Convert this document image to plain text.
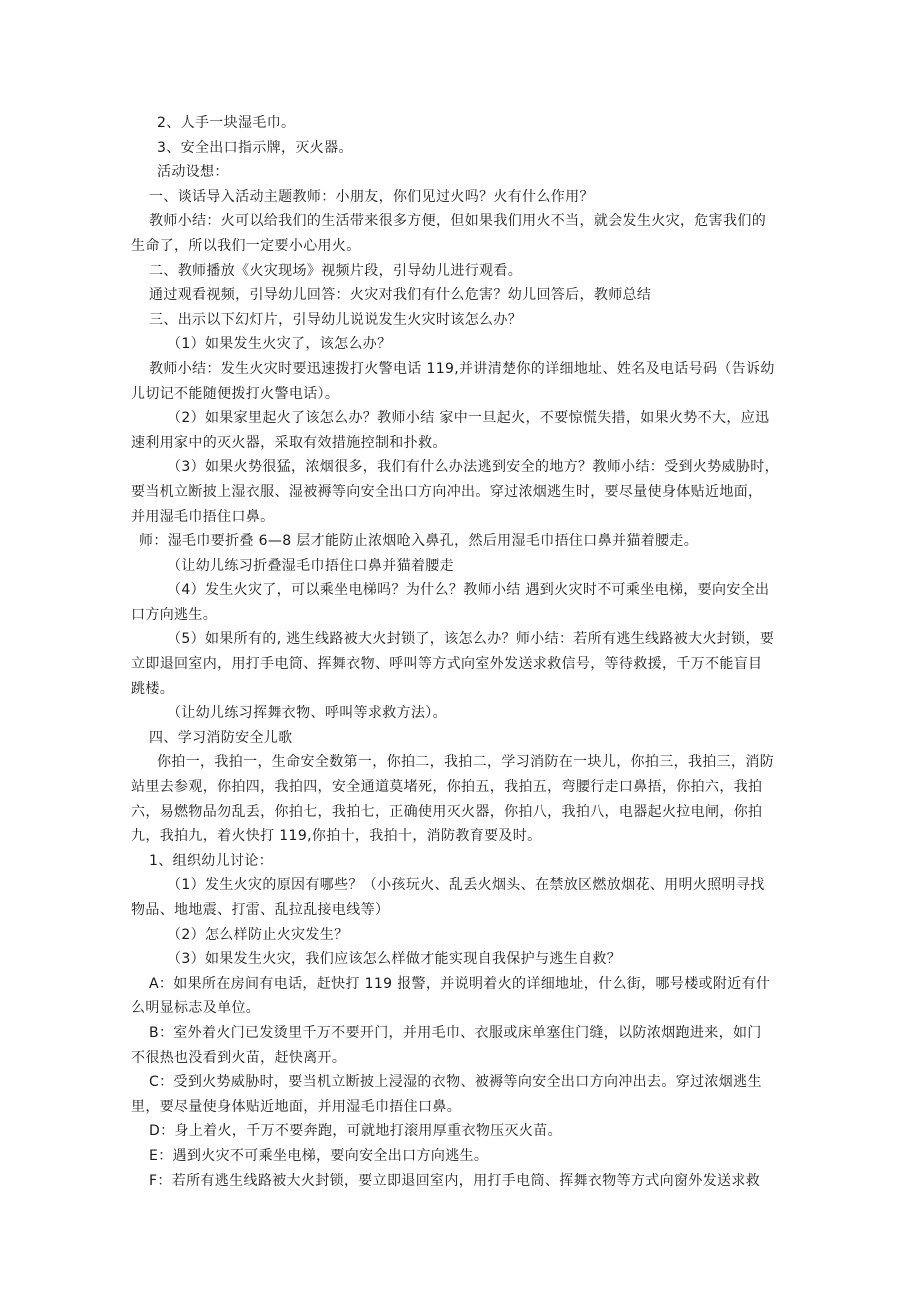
2、人手一块湿毛巾。

3、安全出口指示牌，灭火器。

活动设想：

一、谈话导入活动主题教师：小朋友，你们见过火吗？火有什么作用？

教师小结：火可以给我们的生活带来很多方便，但如果我们用火不当，就会发生火灾，危害我们的

生命了，所以我们一定要小心用火。

二、教师播放《火灾现场》视频片段，引导幼儿进行观看。

通过观看视频，引导幼儿回答：火灾对我们有什么危害？幼儿回答后，教师总结

三、出示以下幻灯片，引导幼儿说说发生火灾时该怎么办？

（1）如果发生火灾了，该怎么办？

教师小结：发生火灾时要迅速拨打火警电话 119,并讲清楚你的详细地址、姓名及电话号码（告诉幼

儿切记不能随便拨打火警电话）。

（2）如果家里起火了该怎么办？教师小结 家中一旦起火，不要惊慌失措，如果火势不大，应迅

速利用家中的灭火器，采取有效措施控制和扑救。

（3）如果火势很猛，浓烟很多，我们有什么办法逃到安全的地方？教师小结：受到火势威胁时，

要当机立断披上湿衣服、湿被褥等向安全出口方向冲出。穿过浓烟逃生时，要尽量使身体贴近地面，

并用湿毛巾捂住口鼻。

师：湿毛巾要折叠 6—8 层才能防止浓烟呛入鼻孔，然后用湿毛巾捂住口鼻并猫着腰走。

（让幼儿练习折叠湿毛巾捂住口鼻并猫着腰走

（4）发生火灾了，可以乘坐电梯吗？为什么？教师小结 遇到火灾时不可乘坐电梯，要向安全出

口方向逃生。

（5）如果所有的, 逃生线路被大火封锁了，该怎么办？师小结：若所有逃生线路被大火封锁，要

立即退回室内，用打手电筒、挥舞衣物、呼叫等方式向室外发送求救信号，等待救援，千万不能盲目

跳楼。

（让幼儿练习挥舞衣物、呼叫等求救方法）。

四、学习消防安全儿歌

你拍一，我拍一，生命安全数第一，你拍二，我拍二，学习消防在一块儿，你拍三，我拍三，消防

站里去参观，你拍四，我拍四，安全通道莫堵死，你拍五，我拍五，弯腰行走口鼻捂，你拍六，我拍

六，易燃物品勿乱丢，你拍七，我拍七，正确使用灭火器，你拍八，我拍八，电器起火拉电闸，你拍

九，我拍九，着火快打 119,你拍十，我拍十，消防教育要及时。

1、组织幼儿讨论：

（1）发生火灾的原因有哪些？（小孩玩火、乱丢火烟头、在禁放区燃放烟花、用明火照明寻找

物品、地地震、打雷、乱拉乱接电线等）

（2）怎么样防止火灾发生？

（3）如果发生火灾，我们应该怎么样做才能实现自我保护与逃生自救？

A：如果所在房间有电话，赶快打 119 报警，并说明着火的详细地址，什么街，哪号楼或附近有什

么明显标志及单位。

B：室外着火门已发烫里千万不要开门，并用毛巾、衣服或床单塞住门缝，以防浓烟跑进来，如门

不很热也没看到火苗，赶快离开。

C：受到火势威胁时，要当机立断披上浸湿的衣物、被褥等向安全出口方向冲出去。穿过浓烟逃生

里，要尽量使身体贴近地面，并用湿毛巾捂住口鼻。

D：身上着火，千万不要奔跑，可就地打滚用厚重衣物压灭火苗。

E：遇到火灾不可乘坐电梯，要向安全出口方向逃生。

F：若所有逃生线路被大火封锁，要立即退回室内，用打手电筒、挥舞衣物等方式向窗外发送求救
